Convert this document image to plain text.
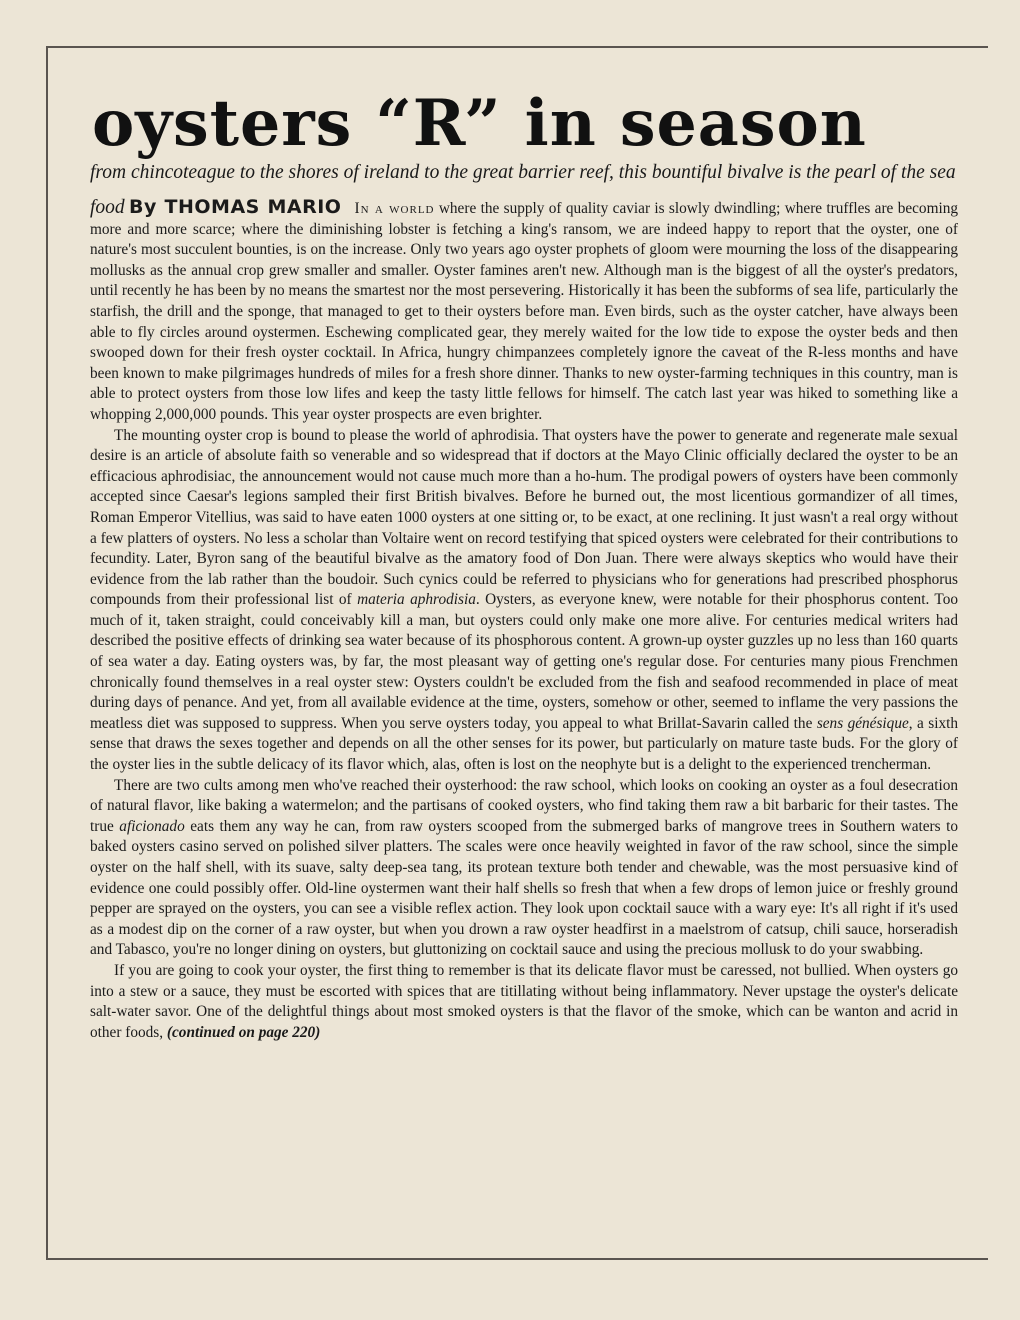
oysters “R” in season
from chincoteague to the shores of ireland to the great barrier reef, this bountiful bivalve is the pearl of the sea

food By THOMAS MARIO In a world where the supply of quality caviar is slowly dwindling; where truffles are becoming more and more scarce; where the diminishing lobster is fetching a king's ransom, we are indeed happy to report that the oyster, one of nature's most succulent bounties, is on the increase. Only two years ago oyster prophets of gloom were mourning the loss of the disappearing mollusks as the annual crop grew smaller and smaller. Oyster famines aren't new. Although man is the biggest of all the oyster's predators, until recently he has been by no means the smartest nor the most persevering. Historically it has been the subforms of sea life, particularly the starfish, the drill and the sponge, that managed to get to their oysters before man. Even birds, such as the oyster catcher, have always been able to fly circles around oystermen. Eschewing complicated gear, they merely waited for the low tide to expose the oyster beds and then swooped down for their fresh oyster cocktail. In Africa, hungry chimpanzees completely ignore the caveat of the R-less months and have been known to make pilgrimages hundreds of miles for a fresh shore dinner. Thanks to new oyster-farming techniques in this country, man is able to protect oysters from those low lifes and keep the tasty little fellows for himself. The catch last year was hiked to something like a whopping 2,000,000 pounds. This year oyster prospects are even brighter.

The mounting oyster crop is bound to please the world of aphrodisia. That oysters have the power to generate and regenerate male sexual desire is an article of absolute faith so venerable and so widespread that if doctors at the Mayo Clinic officially declared the oyster to be an efficacious aphrodisiac, the announcement would not cause much more than a ho-hum. The prodigal powers of oysters have been commonly accepted since Caesar's legions sampled their first British bivalves. Before he burned out, the most licentious gormandizer of all times, Roman Emperor Vitellius, was said to have eaten 1000 oysters at one sitting or, to be exact, at one reclining. It just wasn't a real orgy without a few platters of oysters. No less a scholar than Voltaire went on record testifying that spiced oysters were celebrated for their contributions to fecundity. Later, Byron sang of the beautiful bivalve as the amatory food of Don Juan. There were always skeptics who would have their evidence from the lab rather than the boudoir. Such cynics could be referred to physicians who for generations had prescribed phosphorus compounds from their professional list of materia aphrodisia. Oysters, as everyone knew, were notable for their phosphorus content. Too much of it, taken straight, could conceivably kill a man, but oysters could only make one more alive. For centuries medical writers had described the positive effects of drinking sea water because of its phosphorous content. A grown-up oyster guzzles up no less than 160 quarts of sea water a day. Eating oysters was, by far, the most pleasant way of getting one's regular dose. For centuries many pious Frenchmen chronically found themselves in a real oyster stew: Oysters couldn't be excluded from the fish and seafood recommended in place of meat during days of penance. And yet, from all available evidence at the time, oysters, somehow or other, seemed to inflame the very passions the meatless diet was supposed to suppress. When you serve oysters today, you appeal to what Brillat-Savarin called the sens génésique, a sixth sense that draws the sexes together and depends on all the other senses for its power, but particularly on mature taste buds. For the glory of the oyster lies in the subtle delicacy of its flavor which, alas, often is lost on the neophyte but is a delight to the experienced trencherman.

There are two cults among men who've reached their oysterhood: the raw school, which looks on cooking an oyster as a foul desecration of natural flavor, like baking a watermelon; and the partisans of cooked oysters, who find taking them raw a bit barbaric for their tastes. The true aficionado eats them any way he can, from raw oysters scooped from the submerged barks of mangrove trees in Southern waters to baked oysters casino served on polished silver platters. The scales were once heavily weighted in favor of the raw school, since the simple oyster on the half shell, with its suave, salty deep-sea tang, its protean texture both tender and chewable, was the most persuasive kind of evidence one could possibly offer. Old-line oystermen want their half shells so fresh that when a few drops of lemon juice or freshly ground pepper are sprayed on the oysters, you can see a visible reflex action. They look upon cocktail sauce with a wary eye: It's all right if it's used as a modest dip on the corner of a raw oyster, but when you drown a raw oyster headfirst in a maelstrom of catsup, chili sauce, horseradish and Tabasco, you're no longer dining on oysters, but gluttonizing on cocktail sauce and using the precious mollusk to do your swabbing.

If you are going to cook your oyster, the first thing to remember is that its delicate flavor must be caressed, not bullied. When oysters go into a stew or a sauce, they must be escorted with spices that are titillating without being inflammatory. Never upstage the oyster's delicate salt-water savor. One of the delightful things about most smoked oysters is that the flavor of the smoke, which can be wanton and acrid in other foods, (continued on page 220)
